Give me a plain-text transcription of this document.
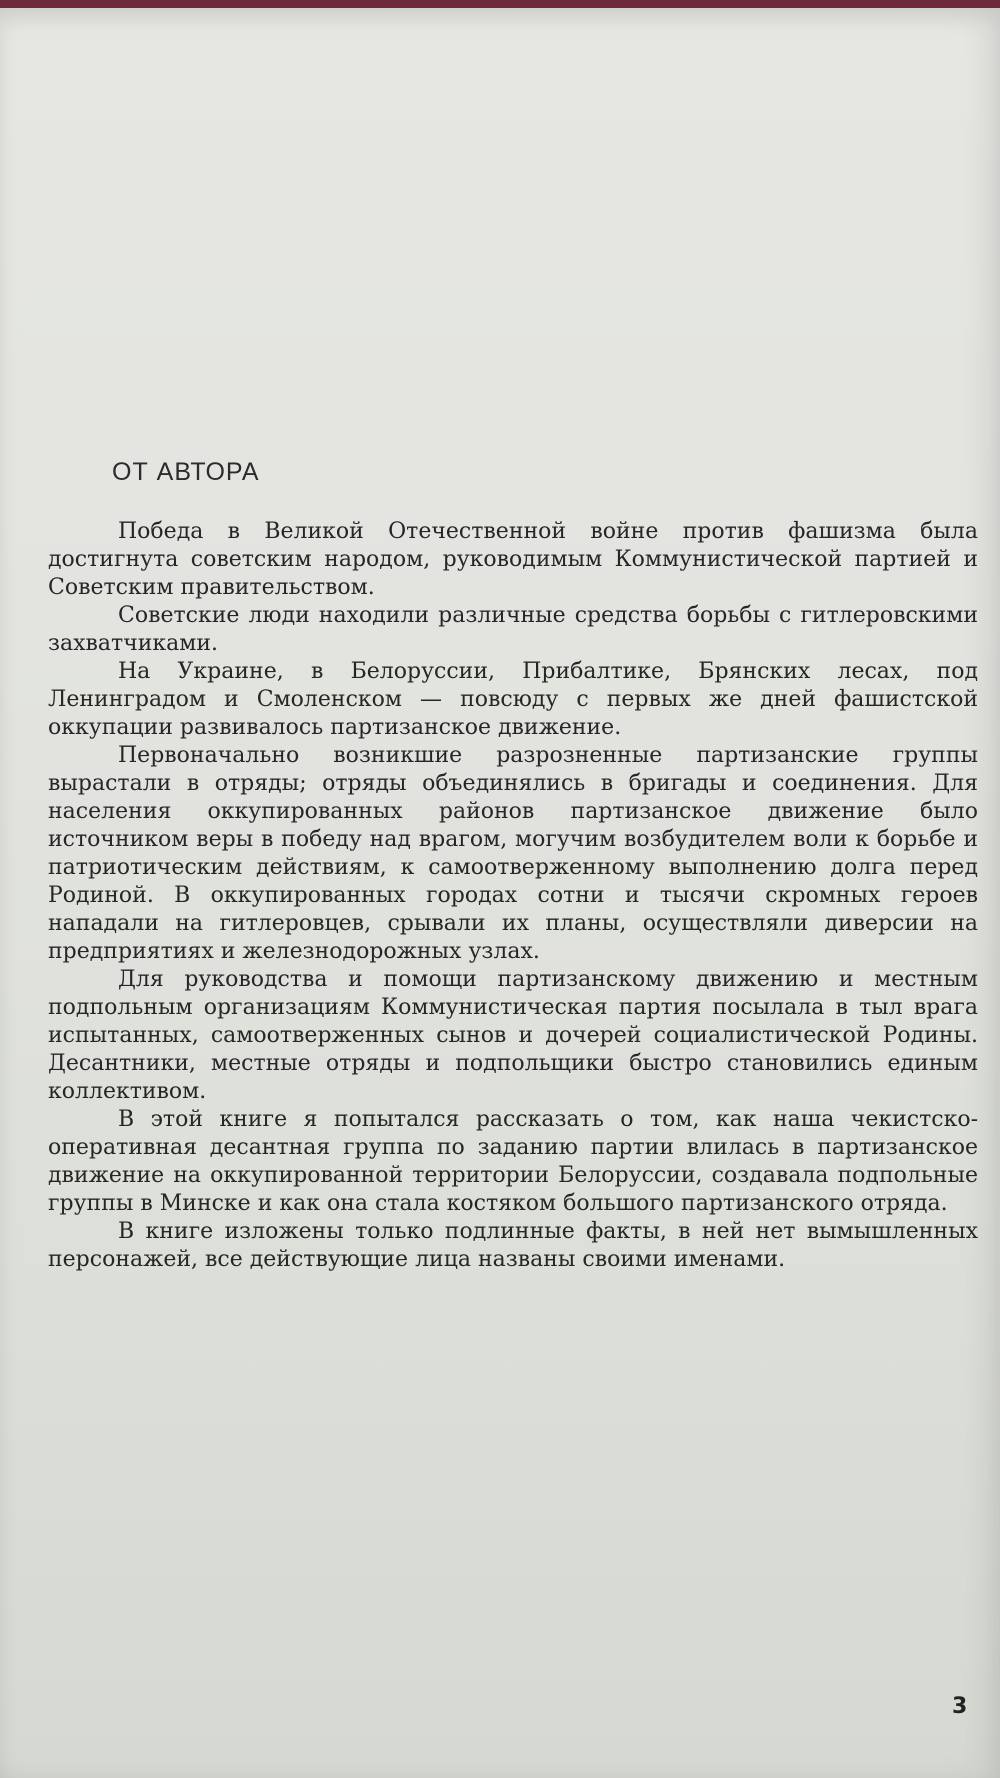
ОТ АВТОРА

Победа в Великой Отечественной войне против фашизма была достигнута советским народом, руководимым Коммунистической партией и Советским правительством.

Советские люди находили различные средства борьбы с гитлеровскими захватчиками.

На Украине, в Белоруссии, Прибалтике, Брянских лесах, под Ленинградом и Смоленском — повсюду с первых же дней фашистской оккупации развивалось партизанское движение.

Первоначально возникшие разрозненные партизанские группы вырастали в отряды; отряды объединялись в бригады и соединения. Для населения оккупированных районов партизанское движение было источником веры в победу над врагом, могучим возбудителем воли к борьбе и патриотическим действиям, к самоотверженному выполнению долга перед Родиной. В оккупированных городах сотни и тысячи скромных героев нападали на гитлеровцев, срывали их планы, осуществляли диверсии на предприятиях и железнодорожных узлах.

Для руководства и помощи партизанскому движению и местным подпольным организациям Коммунистическая партия посылала в тыл врага испытанных, самоотверженных сынов и дочерей социалистической Родины. Десантники, местные отряды и подпольщики быстро становились единым коллективом.

В этой книге я попытался рассказать о том, как наша чекистско-оперативная десантная группа по заданию партии влилась в партизанское движение на оккупированной территории Белоруссии, создавала подпольные группы в Минске и как она стала костяком большого партизанского отряда.

В книге изложены только подлинные факты, в ней нет вымышленных персонажей, все действующие лица названы своими именами.

3
